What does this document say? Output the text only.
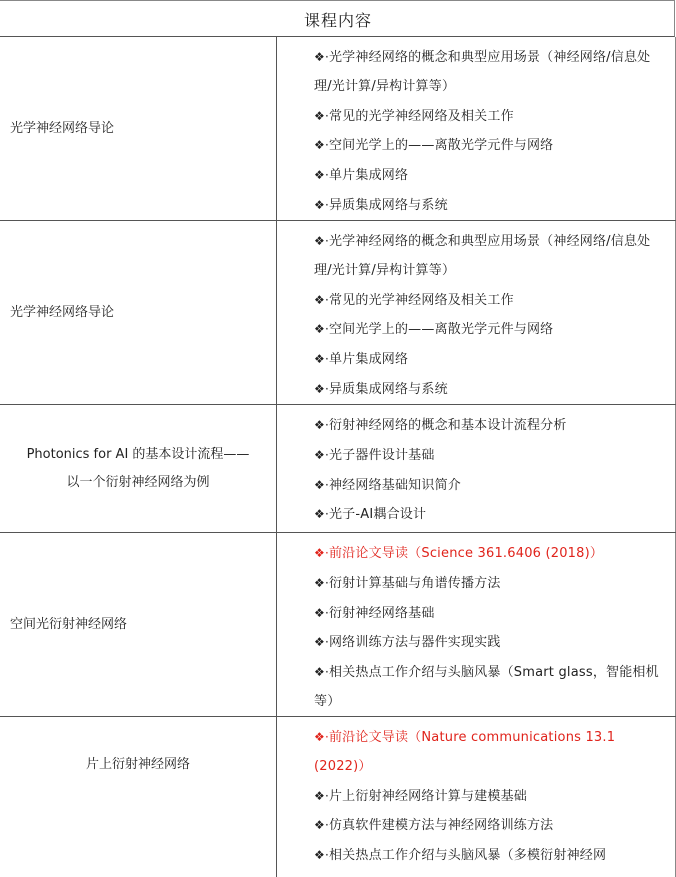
课程内容
光学神经网络导论

❖·光学神经网络的概念和典型应用场景（神经网络/信息处理/光计算/异构计算等）

❖·常见的光学神经网络及相关工作

❖·空间光学上的——离散光学元件与网络

❖·单片集成网络

❖·异质集成网络与系统

光学神经网络导论

❖·光学神经网络的概念和典型应用场景（神经网络/信息处理/光计算/异构计算等）

❖·常见的光学神经网络及相关工作

❖·空间光学上的——离散光学元件与网络

❖·单片集成网络

❖·异质集成网络与系统

Photonics for AI 的基本设计流程——
以一个衍射神经网络为例

❖·衍射神经网络的概念和基本设计流程分析

❖·光子器件设计基础

❖·神经网络基础知识简介

❖·光子-AI耦合设计

空间光衍射神经网络

❖·前沿论文导读（Science 361.6406 (2018)）

❖·衍射计算基础与角谱传播方法

❖·衍射神经网络基础

❖·网络训练方法与器件实现实践

❖·相关热点工作介绍与头脑风暴（Smart glass，智能相机等）

片上衍射神经网络

❖·前沿论文导读（Nature communications 13.1 (2022)）

❖·片上衍射神经网络计算与建模基础

❖·仿真软件建模方法与神经网络训练方法

❖·相关热点工作介绍与头脑风暴（多模衍射神经网
